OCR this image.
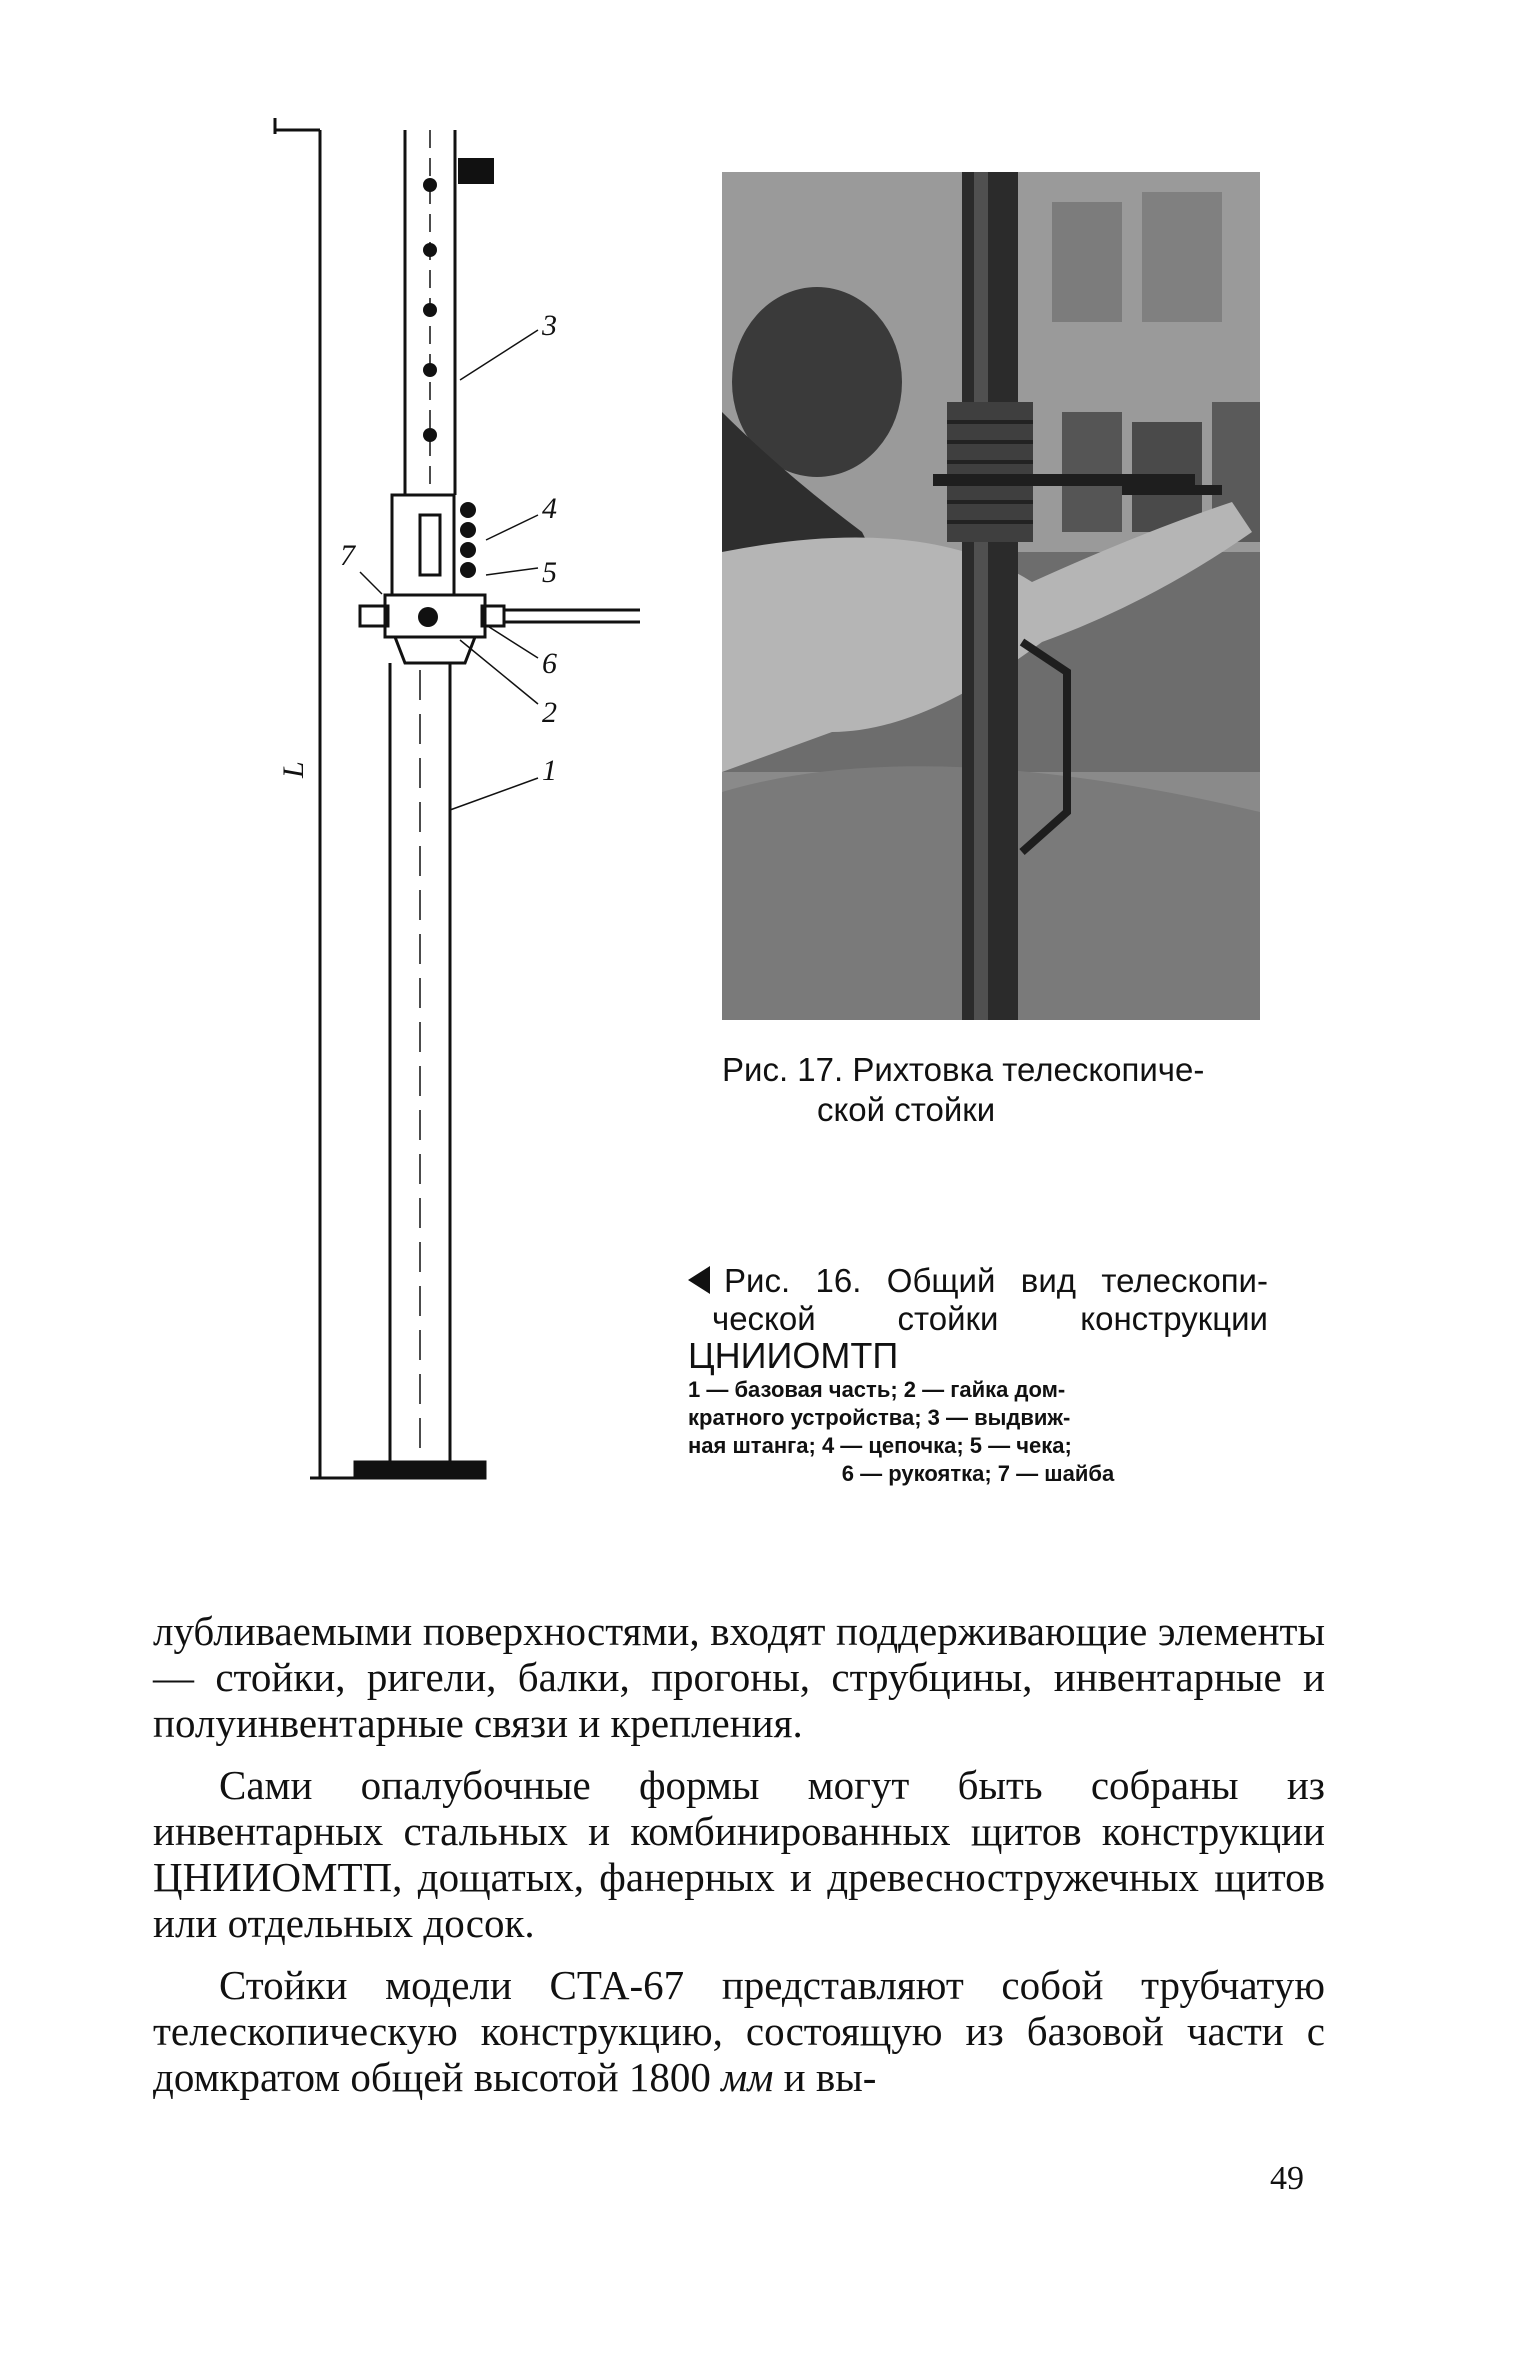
3
4
5
6
2
1
7
L
Рис. 17. Рихтовка телескопиче-
ской стойки
Рис. 16. Общий вид телескопи-
ческой стойки конструкции
ЦНИИОМТП
1 — базовая часть; 2 — гайка дом-
кратного устройства; 3 — выдвиж-
ная штанга; 4 — цепочка; 5 — чека;
6 — рукоятка; 7 — шайба

лубливаемыми поверхностями, входят поддерживающие элементы — стойки, ригели, балки, прогоны, струбцины, инвентарные и полуинвентарные связи и крепления.

Сами опалубочные формы могут быть собраны из инвентарных стальных и комбинированных щитов конструкции ЦНИИОМТП, дощатых, фанерных и древесностружечных щитов или отдельных досок.

Стойки модели СТА-67 представляют собой трубчатую телескопическую конструкцию, состоящую из базовой части с домкратом общей высотой 1800 мм и вы-

49
